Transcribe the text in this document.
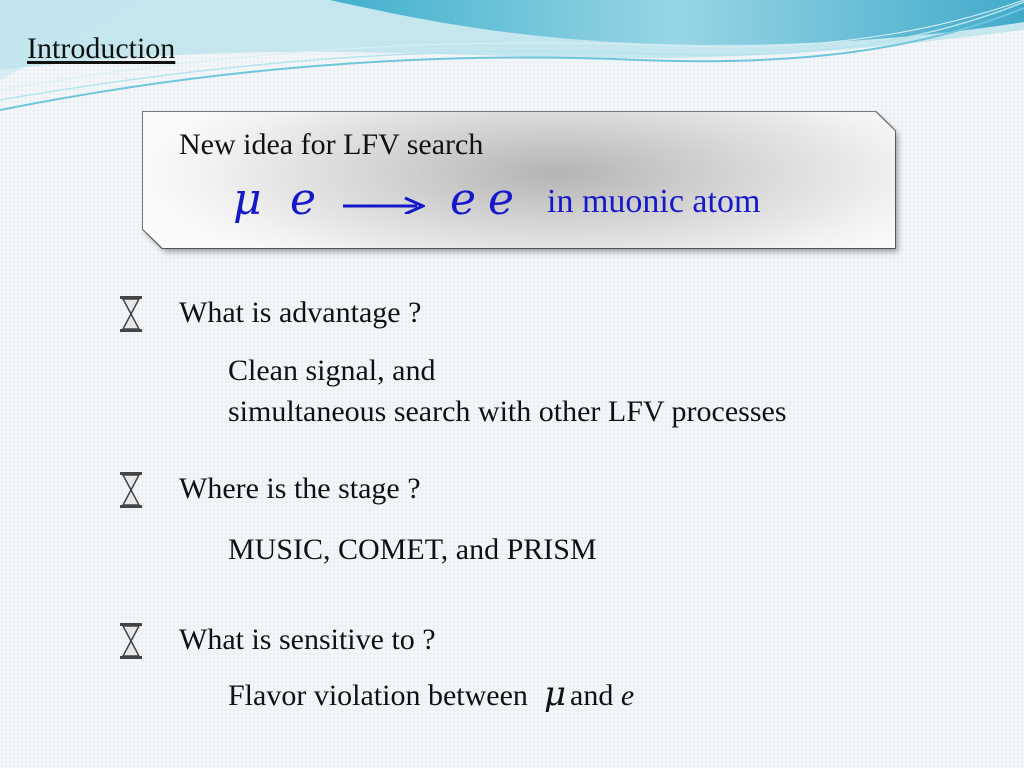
Introduction
New idea for LFV search
μ e	e e in muonic atom
What is advantage ?
Clean signal, and
simultaneous search with other LFV processes
Where is the stage ?
MUSIC, COMET, and PRISM
What is sensitive to ?
Flavor violation between μ and e
